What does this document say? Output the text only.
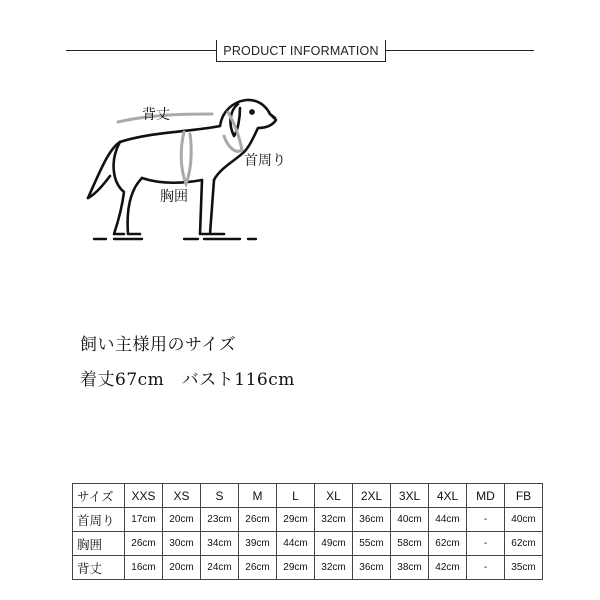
PRODUCT INFORMATION
背丈
首周り
胸囲
飼い主様用のサイズ
着丈67cm　バスト116cm
サイズ	XXS	XS	S	M	L	XL	2XL	3XL	4XL	MD	FB
首周り	17cm	20cm	23cm	26cm	29cm	32cm	36cm	40cm	44cm	-	40cm
胸囲	26cm	30cm	34cm	39cm	44cm	49cm	55cm	58cm	62cm	-	62cm
背丈	16cm	20cm	24cm	26cm	29cm	32cm	36cm	38cm	42cm	-	35cm
